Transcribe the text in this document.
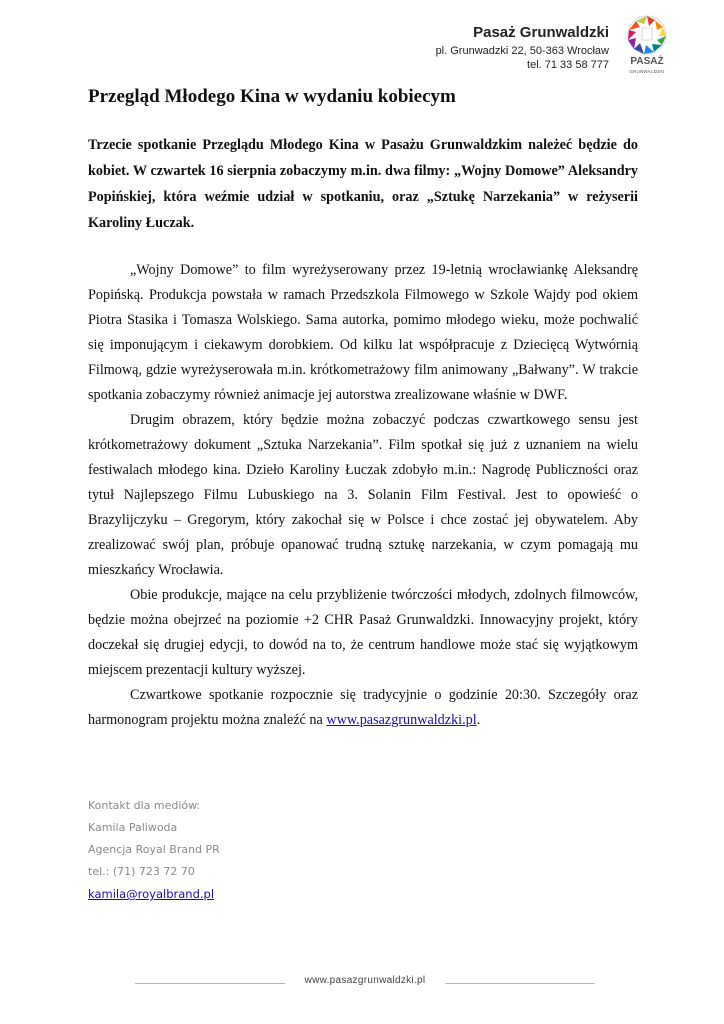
Pasaż Grunwaldzki
pl. Grunwadzki 22, 50-363 Wrocław
tel. 71 33 58 777	PASAŻ
GRUNWALDZKI
Przegląd Młodego Kina w wydaniu kobiecym

Trzecie spotkanie Przeglądu Młodego Kina w Pasażu Grunwaldzkim należeć będzie do kobiet. W czwartek 16 sierpnia zobaczymy m.in. dwa filmy: „Wojny Domowe” Aleksandry Popińskiej, która weźmie udział w spotkaniu, oraz „Sztukę Narzekania” w reżyserii Karoliny Łuczak.

„Wojny Domowe” to film wyreżyserowany przez 19-letnią wrocławiankę Aleksandrę Popińską. Produkcja powstała w ramach Przedszkola Filmowego w Szkole Wajdy pod okiem Piotra Stasika i Tomasza Wolskiego. Sama autorka, pomimo młodego wieku, może pochwalić się imponującym i ciekawym dorobkiem. Od kilku lat współpracuje z Dziecięcą Wytwórnią Filmową, gdzie wyreżyserowała m.in. krótkometrażowy film animowany „Bałwany”. W trakcie spotkania zobaczymy również animacje jej autorstwa zrealizowane właśnie w DWF.

Drugim obrazem, który będzie można zobaczyć podczas czwartkowego sensu jest krótkometrażowy dokument „Sztuka Narzekania”. Film spotkał się już z uznaniem na wielu festiwalach młodego kina. Dzieło Karoliny Łuczak zdobyło m.in.: Nagrodę Publiczności oraz tytuł Najlepszego Filmu Lubuskiego na 3. Solanin Film Festival. Jest to opowieść o Brazylijczyku – Gregorym, który zakochał się w Polsce i chce zostać jej obywatelem. Aby zrealizować swój plan, próbuje opanować trudną sztukę narzekania, w czym pomagają mu mieszkańcy Wrocławia.

Obie produkcje, mające na celu przybliżenie twórczości młodych, zdolnych filmowców, będzie można obejrzeć na poziomie +2 CHR Pasaż Grunwaldzki. Innowacyjny projekt, który doczekał się drugiej edycji, to dowód na to, że centrum handlowe może stać się wyjątkowym miejscem prezentacji kultury wyższej.

Czwartkowe spotkanie rozpocznie się tradycyjnie o godzinie 20:30. Szczegóły oraz harmonogram projektu można znaleźć na www.pasazgrunwaldzki.pl.

Kontakt dla mediów:
Kamila Paliwoda
Agencja Royal Brand PR
tel.: (71) 723 72 70
kamila@royalbrand.pl
www.pasazgrunwaldzki.pl
